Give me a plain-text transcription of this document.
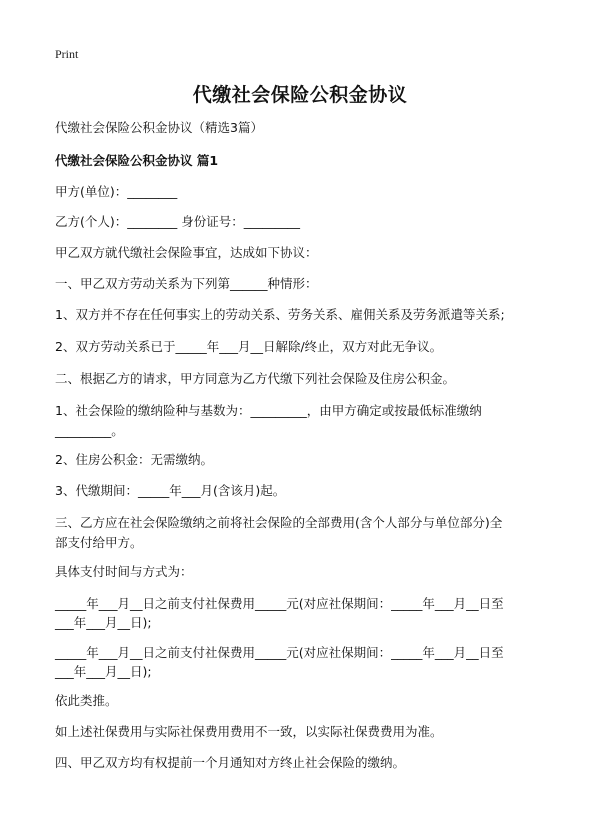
Print
代缴社会保险公积金协议
代缴社会保险公积金协议（精选3篇）
代缴社会保险公积金协议 篇1
甲方(单位)：________
乙方(个人)：________ 身份证号：_________
甲乙双方就代缴社会保险事宜，达成如下协议：
一、甲乙双方劳动关系为下列第______种情形：
1、双方并不存在任何事实上的劳动关系、劳务关系、雇佣关系及劳务派遣等关系;
2、双方劳动关系已于_____年___月__日解除/终止，双方对此无争议。
二、根据乙方的请求，甲方同意为乙方代缴下列社会保险及住房公积金。
1、社会保险的缴纳险种与基数为：_________，由甲方确定或按最低标准缴纳
_________。
2、住房公积金：无需缴纳。
3、代缴期间：_____年___月(含该月)起。
三、乙方应在社会保险缴纳之前将社会保险的全部费用(含个人部分与单位部分)全
部支付给甲方。
具体支付时间与方式为：
_____年___月__日之前支付社保费用_____元(对应社保期间：_____年___月__日至
___年___月__日);
_____年___月__日之前支付社保费用_____元(对应社保期间：_____年___月__日至
___年___月__日);
依此类推。
如上述社保费用与实际社保费用费用不一致，以实际社保费费用为准。
四、甲乙双方均有权提前一个月通知对方终止社会保险的缴纳。
